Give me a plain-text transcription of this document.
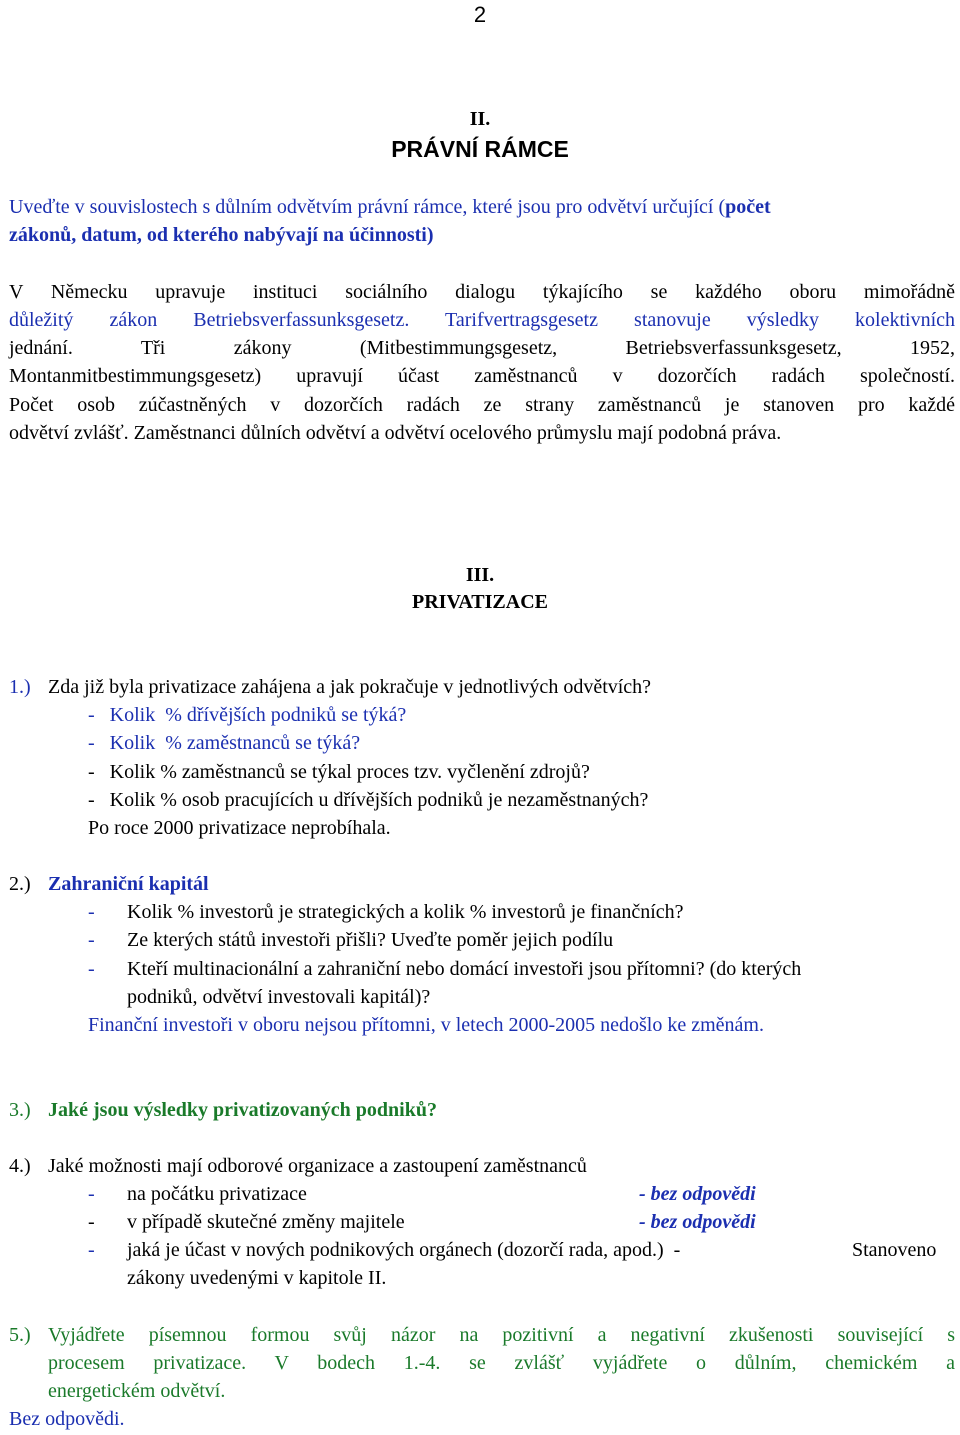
2
II.
PRÁVNÍ RÁMCE
Uveďte v souvislostech s důlním odvětvím právní rámce, které jsou pro odvětví určující (počet
zákonů, datum, od kterého nabývají na účinnosti)
V Německu upravuje instituci sociálního dialogu týkajícího se každého oboru mimořádně
důležitý zákon Betriebsverfassunksgesetz. Tarifvertragsgesetz stanovuje výsledky kolektivních
jednání. Tři zákony (Mitbestimmungsgesetz, Betriebsverfassunksgesetz, 1952,
Montanmitbestimmungsgesetz) upravují účast zaměstnanců v dozorčích radách společností.
Počet osob zúčastněných v dozorčích radách ze strany zaměstnanců je stanoven pro každé
odvětví zvlášť. Zaměstnanci důlních odvětví a odvětví ocelového průmyslu mají podobná práva.
III.
PRIVATIZACE
1.) Zda již byla privatizace zahájena a jak pokračuje v jednotlivých odvětvích?
-   Kolik  % dřívějších podniků se týká?
-   Kolik  % zaměstnanců se týká?
-   Kolik % zaměstnanců se týkal proces tzv. vyčlenění zdrojů?
-   Kolik % osob pracujících u dřívějších podniků je nezaměstnaných?
Po roce 2000 privatizace neprobíhala.
2.) Zahraniční kapitál
- Kolik % investorů je strategických a kolik % investorů je finančních?
- Ze kterých států investoři přišli? Uveďte poměr jejich podílu
- Kteří multinacionální a zahraniční nebo domácí investoři jsou přítomni? (do kterých
podniků, odvětví investovali kapitál)?
Finanční investoři v oboru nejsou přítomni, v letech 2000-2005 nedošlo ke změnám.
3.) Jaké jsou výsledky privatizovaných podniků?
4.) Jaké možnosti mají odborové organizace a zastoupení zaměstnanců
- na počátku privatizace	- bez odpovědi
- v případě skutečné změny majitele	- bez odpovědi
- jaká je účast v nových podnikových orgánech (dozorčí rada, apod.)  -	Stanoveno
zákony uvedenými v kapitole II.
5.) Vyjádřete písemnou formou svůj názor na pozitivní a negativní zkušenosti související s
procesem privatizace. V bodech 1.-4. se zvlášť vyjádřete o důlním, chemickém a
energetickém odvětví.
Bez odpovědi.
